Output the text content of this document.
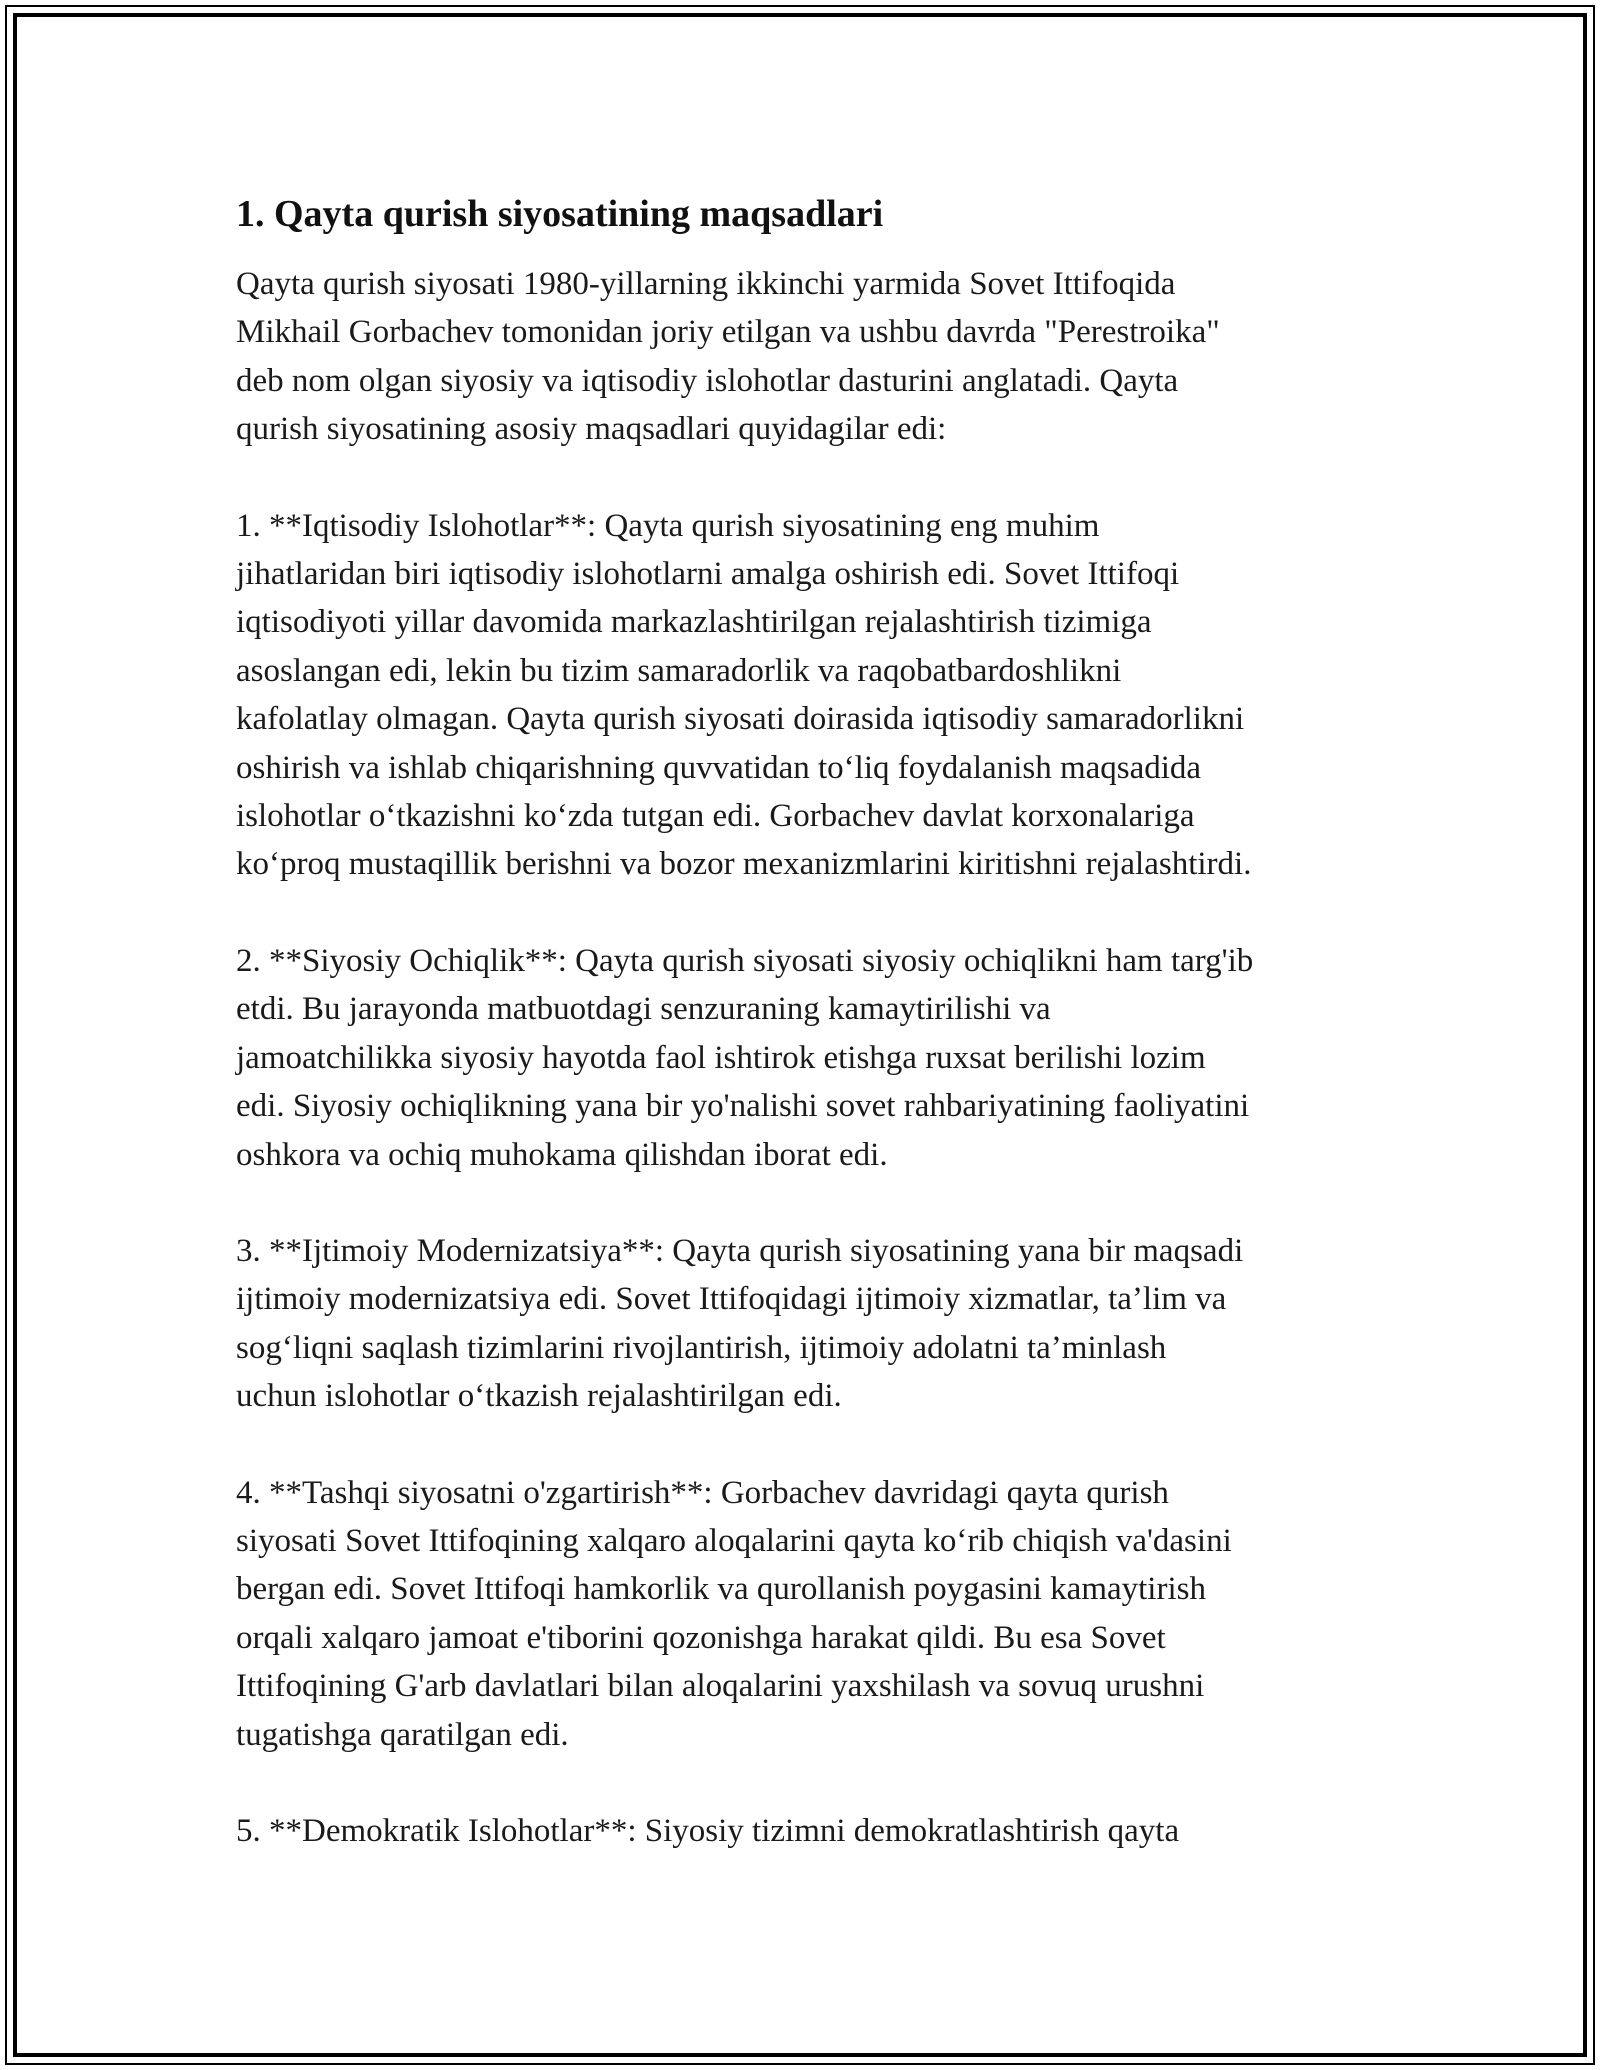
1. Qayta qurish siyosatining maqsadlari

Qayta qurish siyosati 1980-yillarning ikkinchi yarmida Sovet Ittifoqida
Mikhail Gorbachev tomonidan joriy etilgan va ushbu davrda "Perestroika"
deb nom olgan siyosiy va iqtisodiy islohotlar dasturini anglatadi. Qayta
qurish siyosatining asosiy maqsadlari quyidagilar edi:

1. **Iqtisodiy Islohotlar**: Qayta qurish siyosatining eng muhim
jihatlaridan biri iqtisodiy islohotlarni amalga oshirish edi. Sovet Ittifoqi
iqtisodiyoti yillar davomida markazlashtirilgan rejalashtirish tizimiga
asoslangan edi, lekin bu tizim samaradorlik va raqobatbardoshlikni
kafolatlay olmagan. Qayta qurish siyosati doirasida iqtisodiy samaradorlikni
oshirish va ishlab chiqarishning quvvatidan to‘liq foydalanish maqsadida
islohotlar o‘tkazishni ko‘zda tutgan edi. Gorbachev davlat korxonalariga
ko‘proq mustaqillik berishni va bozor mexanizmlarini kiritishni rejalashtirdi.

2. **Siyosiy Ochiqlik**: Qayta qurish siyosati siyosiy ochiqlikni ham targ'ib
etdi. Bu jarayonda matbuotdagi senzuraning kamaytirilishi va
jamoatchilikka siyosiy hayotda faol ishtirok etishga ruxsat berilishi lozim
edi. Siyosiy ochiqlikning yana bir yo'nalishi sovet rahbariyatining faoliyatini
oshkora va ochiq muhokama qilishdan iborat edi.

3. **Ijtimoiy Modernizatsiya**: Qayta qurish siyosatining yana bir maqsadi
ijtimoiy modernizatsiya edi. Sovet Ittifoqidagi ijtimoiy xizmatlar, ta’lim va
sog‘liqni saqlash tizimlarini rivojlantirish, ijtimoiy adolatni ta’minlash
uchun islohotlar o‘tkazish rejalashtirilgan edi.

4. **Tashqi siyosatni o'zgartirish**: Gorbachev davridagi qayta qurish
siyosati Sovet Ittifoqining xalqaro aloqalarini qayta ko‘rib chiqish va'dasini
bergan edi. Sovet Ittifoqi hamkorlik va qurollanish poygasini kamaytirish
orqali xalqaro jamoat e'tiborini qozonishga harakat qildi. Bu esa Sovet
Ittifoqining G'arb davlatlari bilan aloqalarini yaxshilash va sovuq urushni
tugatishga qaratilgan edi.

5. **Demokratik Islohotlar**: Siyosiy tizimni demokratlashtirish qayta
